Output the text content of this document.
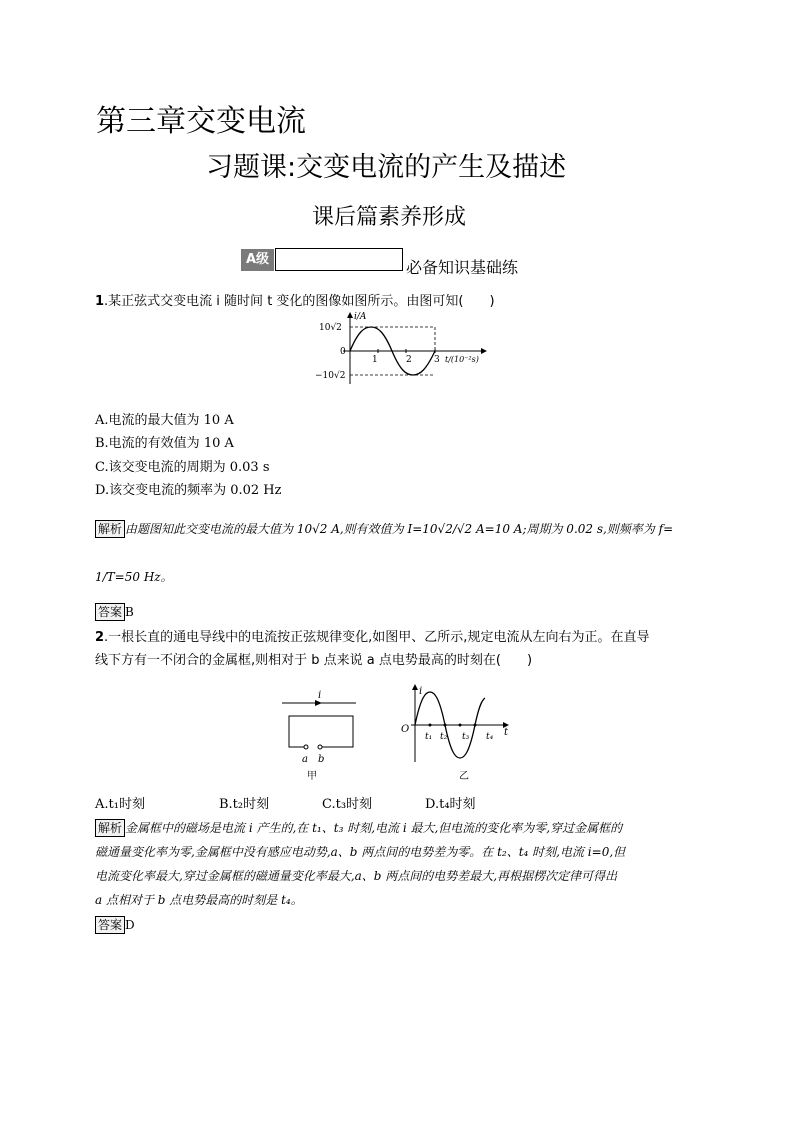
第三章交变电流
习题课:交变电流的产生及描述
课后篇素养形成
A级	必备知识基础练
1.某正弦式交变电流 i 随时间 t 变化的图像如图所示。由图可知(　　)
i/A
10√2
−10√2
0
1	2 3 t/(10⁻²s)
A.电流的最大值为 10 A
B.电流的有效值为 10 A
C.该交变电流的周期为 0.03 s
D.该交变电流的频率为 0.02 Hz
解析 由题图知此交变电流的最大值为 10√2 A,则有效值为 I=10√2/√2 A=10 A;周期为 0.02 s,则频率为 f=
1/T=50 Hz。
答案 B
2.一根长直的通电导线中的电流按正弦规律变化,如图甲、乙所示,规定电流从左向右为正。在直导
线下方有一不闭合的金属框,则相对于 b 点来说 a 点电势最高的时刻在(　　)
i
a b
甲
i
O
t₁ t₂ t₃ t₄ t
乙
A.t₁时刻	B.t₂时刻	C.t₃时刻	D.t₄时刻
解析 金属框中的磁场是电流 i 产生的,在 t₁、t₃ 时刻,电流 i 最大,但电流的变化率为零,穿过金属框的
磁通量变化率为零,金属框中没有感应电动势,a、b 两点间的电势差为零。在 t₂、t₄ 时刻,电流 i=0,但
电流变化率最大,穿过金属框的磁通量变化率最大,a、b 两点间的电势差最大,再根据楞次定律可得出
a 点相对于 b 点电势最高的时刻是 t₄。
答案 D
